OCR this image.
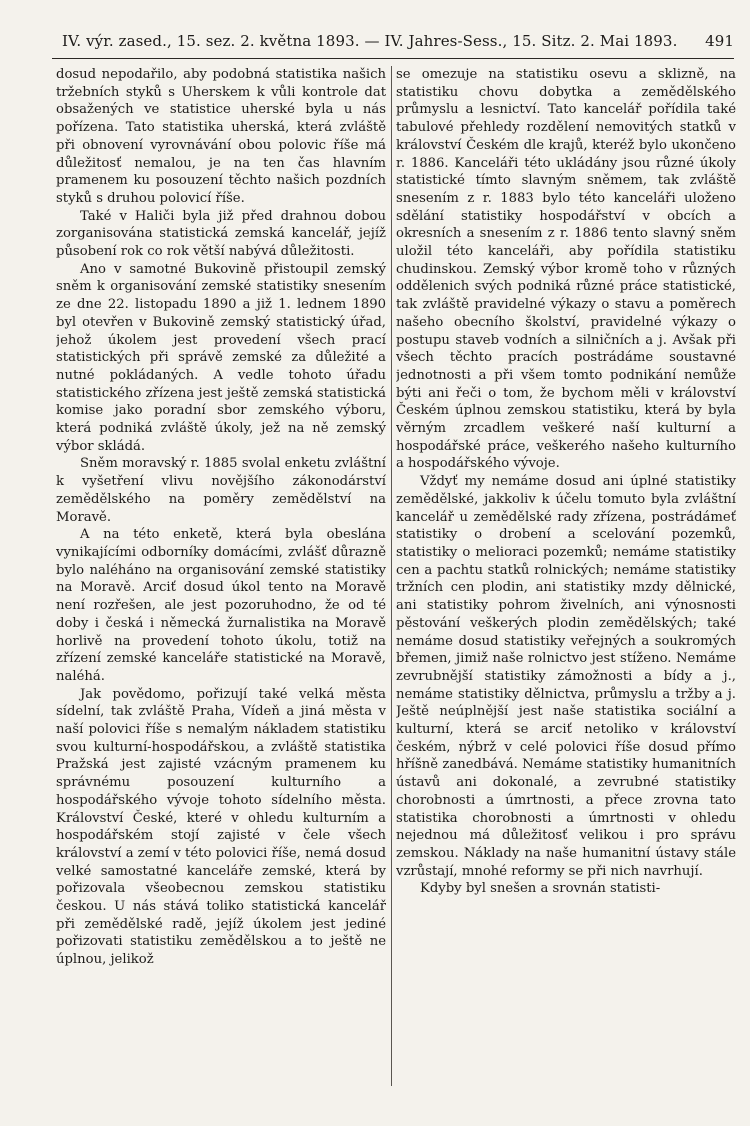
IV. výr. zased., 15. sez. 2. května 1893. — IV. Jahres-Sess., 15. Sitz. 2. Mai 1893. 491

dosud nepodařilo, aby podobná statistika našich tržebních styků s Uherskem k vůli kontrole dat obsažených ve statistice uherské byla u nás pořízena. Tato statistika uherská, která zvláště při obnovení vyrovnávání obou polovic říše má důležitosť nemalou, je na ten čas hlavním pramenem ku posouzení těchto našich pozdních styků s druhou polovicí říše.

Také v Haliči byla již před drahnou dobou zorganisována statistická zemská kancelář, jejíž působení rok co rok větší nabývá důležitosti.

Ano v samotné Bukovině přistoupil zemský sněm k organisování zemské statistiky snesením ze dne 22. listopadu 1890 a již 1. lednem 1890 byl otevřen v Bukovině zemský statistický úřad, jehož úkolem jest provedení všech prací statistických při správě zemské za důležité a nutné pokládaných. A vedle tohoto úřadu statistického zřízena jest ještě zemská statistická komise jako poradní sbor zemského výboru, která podniká zvláště úkoly, jež na ně zemský výbor skládá.

Sněm moravský r. 1885 svolal enketu zvláštní k vyšetření vlivu novějšího zákonodárství zemědělského na poměry zemědělství na Moravě.

A na této enketě, která byla obeslána vynikajícími odborníky domácími, zvlášť důrazně bylo naléháno na organisování zemské statistiky na Moravě. Arciť dosud úkol tento na Moravě není rozřešen, ale jest pozoruhodno, že od té doby i česká i německá žurnalistika na Moravě horlivě na provedení tohoto úkolu, totiž na zřízení zemské kanceláře statistické na Moravě, naléhá.

Jak povědomo, pořizují také velká města sídelní, tak zvláště Praha, Vídeň a jiná města v naší polovici říše s nemalým nákladem statistiku svou kulturní-hospodářskou, a zvláště statistika Pražská jest zajisté vzácným pramenem ku správnému posouzení kulturního a hospodářského vývoje tohoto sídelního města. Království České, které v ohledu kulturním a hospodářském stojí zajisté v čele všech království a zemí v této polovici říše, nemá dosud velké samostatné kanceláře zemské, která by pořizovala všeobecnou zemskou statistiku českou. U nás stává toliko statistická kancelář při zemědělské radě, jejíž úkolem jest jediné pořizovati statistiku zemědělskou a to ještě ne úplnou, jelikož

se omezuje na statistiku osevu a sklizně, na statistiku chovu dobytka a zemědělského průmyslu a lesnictví. Tato kancelář pořídila také tabulové přehledy rozdělení nemovitých statků v království Českém dle krajů, kteréž bylo ukončeno r. 1886. Kanceláři této ukládány jsou různé úkoly statistické tímto slavným sněmem, tak zvláště snesením z r. 1883 bylo této kanceláři uloženo sdělání statistiky hospodářství v obcích a okresních a snesením z r. 1886 tento slavný sněm uložil této kanceláři, aby pořídila statistiku chudinskou. Zemský výbor kromě toho v různých oddělenich svých podniká různé práce statistické, tak zvláště pravidelné výkazy o stavu a poměrech našeho obecního školství, pravidelné výkazy o postupu staveb vodních a silničních a j. Avšak při všech těchto pracích postrádáme soustavné jednotnosti a při všem tomto podnikání nemůže býti ani řeči o tom, že bychom měli v království Českém úplnou zemskou statistiku, která by byla věrným zrcadlem veškeré naší kulturní a hospodářské práce, veškerého našeho kulturního a hospodářského vývoje.

Vždyť my nemáme dosud ani úplné statistiky zemědělské, jakkoliv k účelu tomuto byla zvláštní kancelář u zemědělské rady zřízena, postrádámeť statistiky o drobení a scelování pozemků, statistiky o melioraci pozemků; nemáme statistiky cen a pachtu statků rolnických; nemáme statistiky tržních cen plodin, ani statistiky mzdy dělnické, ani statistiky pohrom živelních, ani výnosnosti pěstování veškerých plodin zemědělských; také nemáme dosud statistiky veřejných a soukromých břemen, jimiž naše rolnictvo jest stíženo. Nemáme zevrubnější statistiky zámožnosti a bídy a j., nemáme statistiky dělnictva, průmyslu a tržby a j. Ještě neúplnější jest naše statistika sociální a kulturní, která se arciť netoliko v království českém, nýbrž v celé polovici říše dosud přímo hříšně zanedbává. Nemáme statistiky humanitních ústavů ani dokonalé, a zevrubné statistiky chorobnosti a úmrtnosti, a přece zrovna tato statistika chorobnosti a úmrtnosti v ohledu nejednou má důležitosť velikou i pro správu zemskou. Náklady na naše humanitní ústavy stále vzrůstají, mnohé reformy se při nich navrhují.

Kdyby byl snešen a srovnán statisti-
